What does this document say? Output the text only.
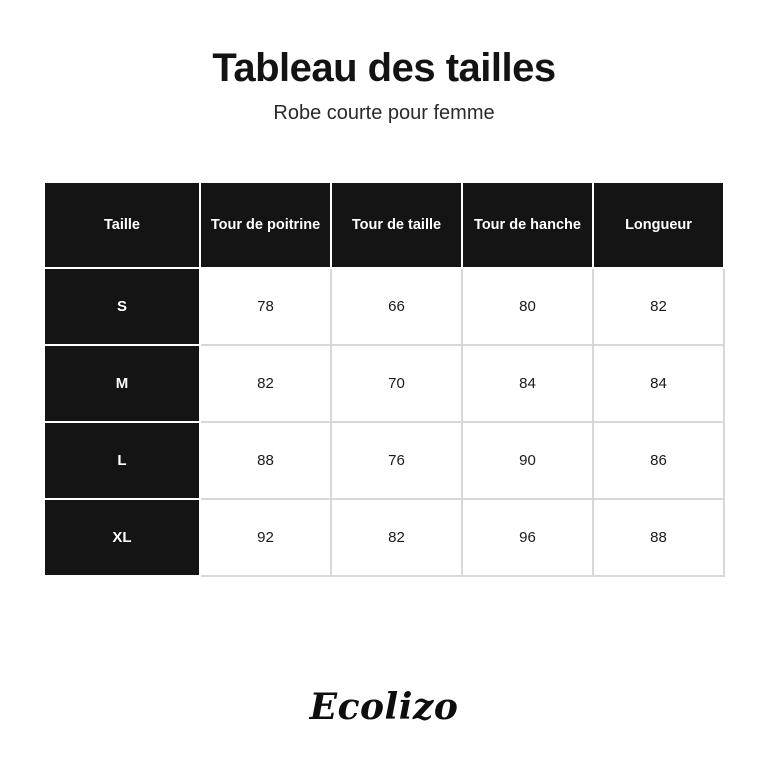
Tableau des tailles
Robe courte pour femme
Taille	Tour de poitrine	Tour de taille	Tour de hanche	Longueur
S	78	66	80	82
M	82	70	84	84
L	88	76	90	86
XL	92	82	96	88
Ecolizo
